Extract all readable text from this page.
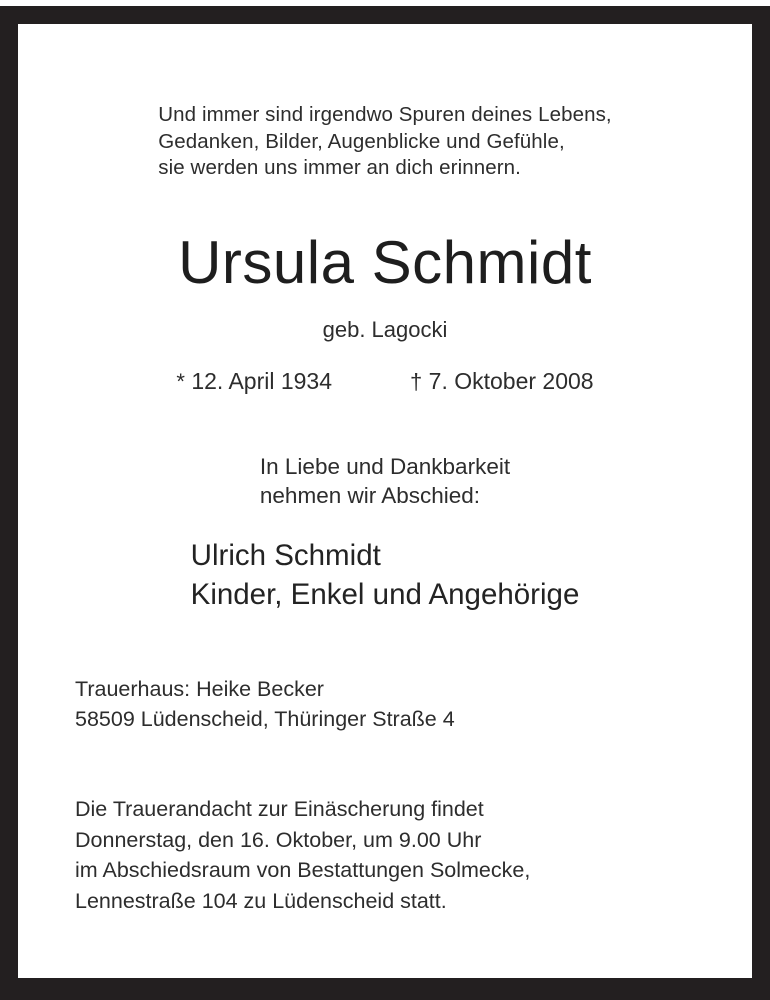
Und immer sind irgendwo Spuren deines Lebens,
Gedanken, Bilder, Augenblicke und Gefühle,
sie werden uns immer an dich erinnern.
Ursula Schmidt
geb. Lagocki
* 12. April 1934	† 7. Oktober 2008
In Liebe und Dankbarkeit
nehmen wir Abschied:
Ulrich Schmidt
Kinder, Enkel und Angehörige
Trauerhaus: Heike Becker
58509 Lüdenscheid, Thüringer Straße 4
Die Trauerandacht zur Einäscherung findet
Donnerstag, den 16. Oktober, um 9.00 Uhr
im Abschiedsraum von Bestattungen Solmecke,
Lennestraße 104 zu Lüdenscheid statt.
